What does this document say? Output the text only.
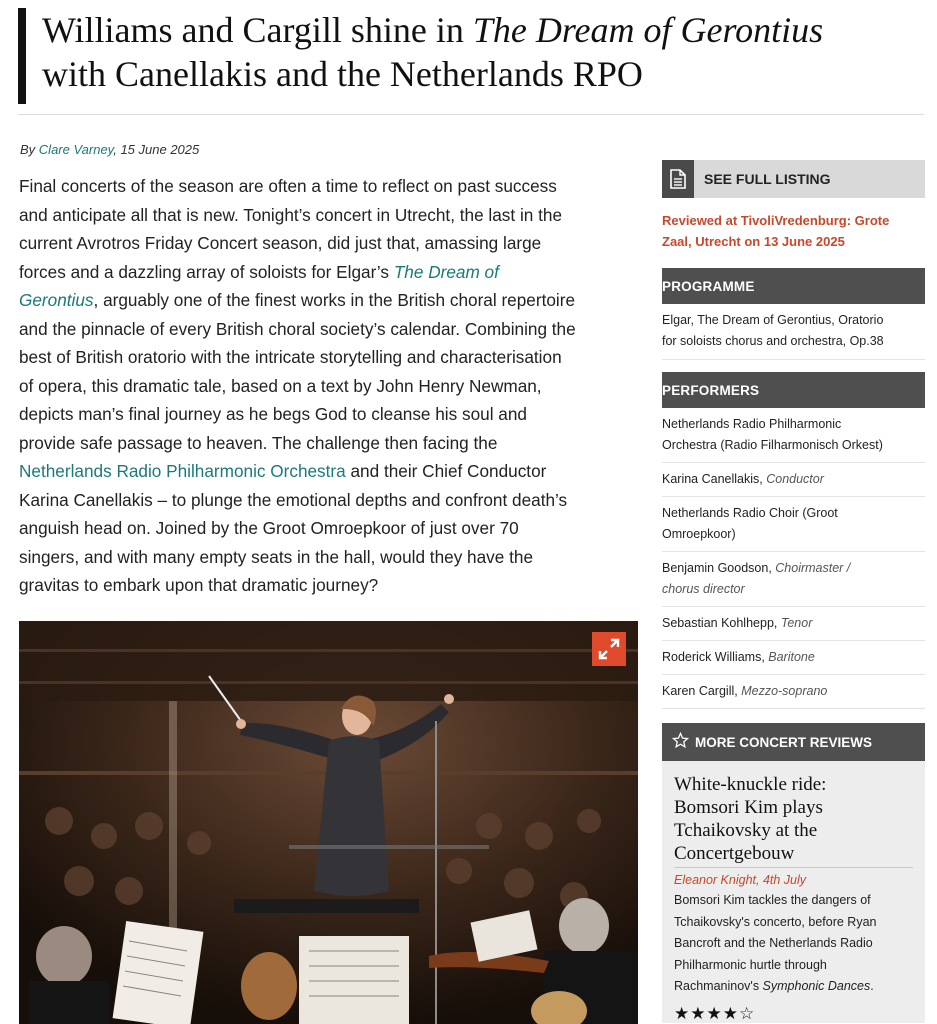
Williams and Cargill shine in The Dream of Gerontius
with Canellakis and the Netherlands RPO
By Clare Varney, 15 June 2025
Final concerts of the season are often a time to reflect on past success
and anticipate all that is new. Tonight’s concert in Utrecht, the last in the
current Avrotros Friday Concert season, did just that, amassing large
forces and a dazzling array of soloists for Elgar’s The Dream of
Gerontius, arguably one of the finest works in the British choral repertoire
and the pinnacle of every British choral society’s calendar. Combining the
best of British oratorio with the intricate storytelling and characterisation
of opera, this dramatic tale, based on a text by John Henry Newman,
depicts man’s final journey as he begs God to cleanse his soul and
provide safe passage to heaven. The challenge then facing the
Netherlands Radio Philharmonic Orchestra and their Chief Conductor
Karina Canellakis – to plunge the emotional depths and confront death’s
anguish head on. Joined by the Groot Omroepkoor of just over 70
singers, and with many empty seats in the hall, would they have the
gravitas to embark upon that dramatic journey?
SEE FULL LISTING
Reviewed at TivoliVredenburg: Grote
Zaal, Utrecht on 13 June 2025
PROGRAMME
Elgar, The Dream of Gerontius, Oratorio
for soloists chorus and orchestra, Op.38
PERFORMERS
Netherlands Radio Philharmonic
Orchestra (Radio Filharmonisch Orkest)
Karina Canellakis, Conductor
Netherlands Radio Choir (Groot
Omroepkoor)
Benjamin Goodson, Choirmaster /
chorus director
Sebastian Kohlhepp, Tenor
Roderick Williams, Baritone
Karen Cargill, Mezzo-soprano
MORE CONCERT REVIEWS
White-knuckle ride:
Bomsori Kim plays
Tchaikovsky at the
Concertgebouw
Eleanor Knight, 4th July
Bomsori Kim tackles the dangers of
Tchaikovsky's concerto, before Ryan
Bancroft and the Netherlands Radio
Philharmonic hurtle through
Rachmaninov's Symphonic Dances.
★★★★☆
